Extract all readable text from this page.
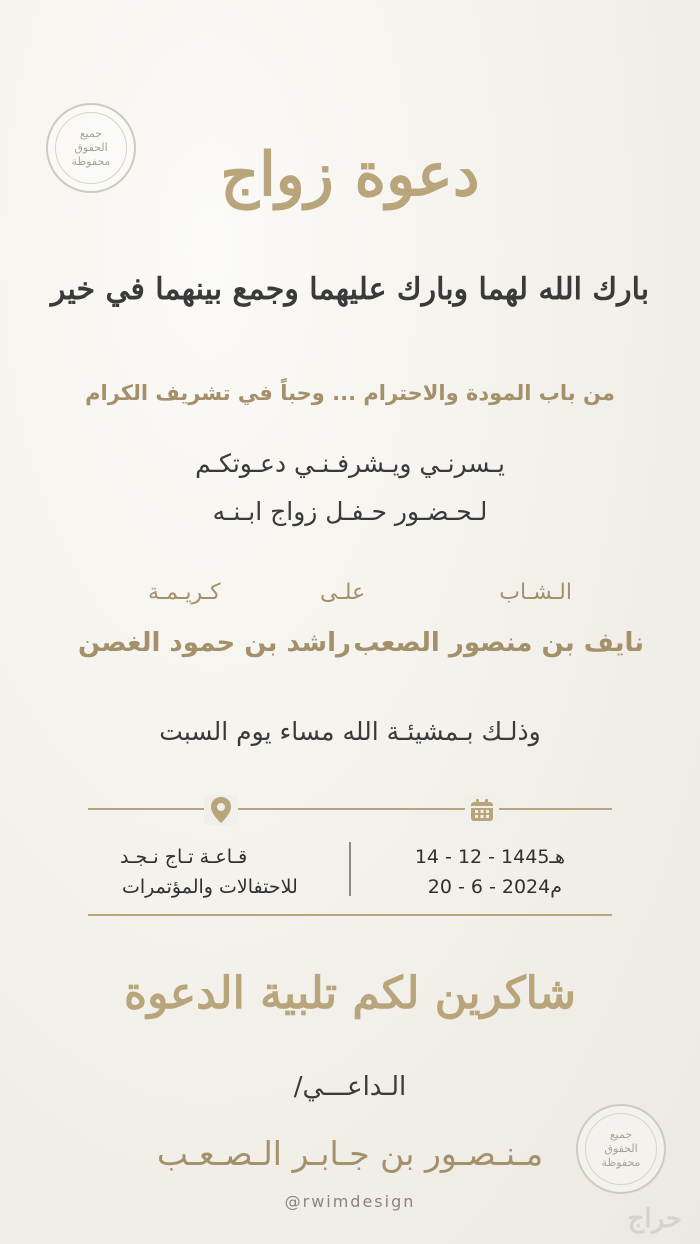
جميع
الحقوق
محفوظة	دعوة زواج
بارك الله لهما وبارك عليهما وجمع بينهما في خير
من باب المودة والاحترام ... وحباً في تشريف الكرام
يـسرنـي ويـشرفـنـي دعـوتكـم
لـحـضـور حـفـل زواج ابـنـه
الـشـاب
علـى
كـريـمـة
نايف بن منصور الصعب
راشد بن حمود الغصن
وذلـك بـمشيئـة الله مساء يوم السبت
14 - 12 - 1445هـ
20 - 6 - 2024م
قـاعـة تـاج نـجـد
للاحتفالات والمؤتمرات
شاكرين لكم تلبية الدعوة
الـداعـــي/
مـنـصـور بن جـابـر الـصـعـب	جميع
الحقوق
محفوظة
@rwimdesign
حراج
